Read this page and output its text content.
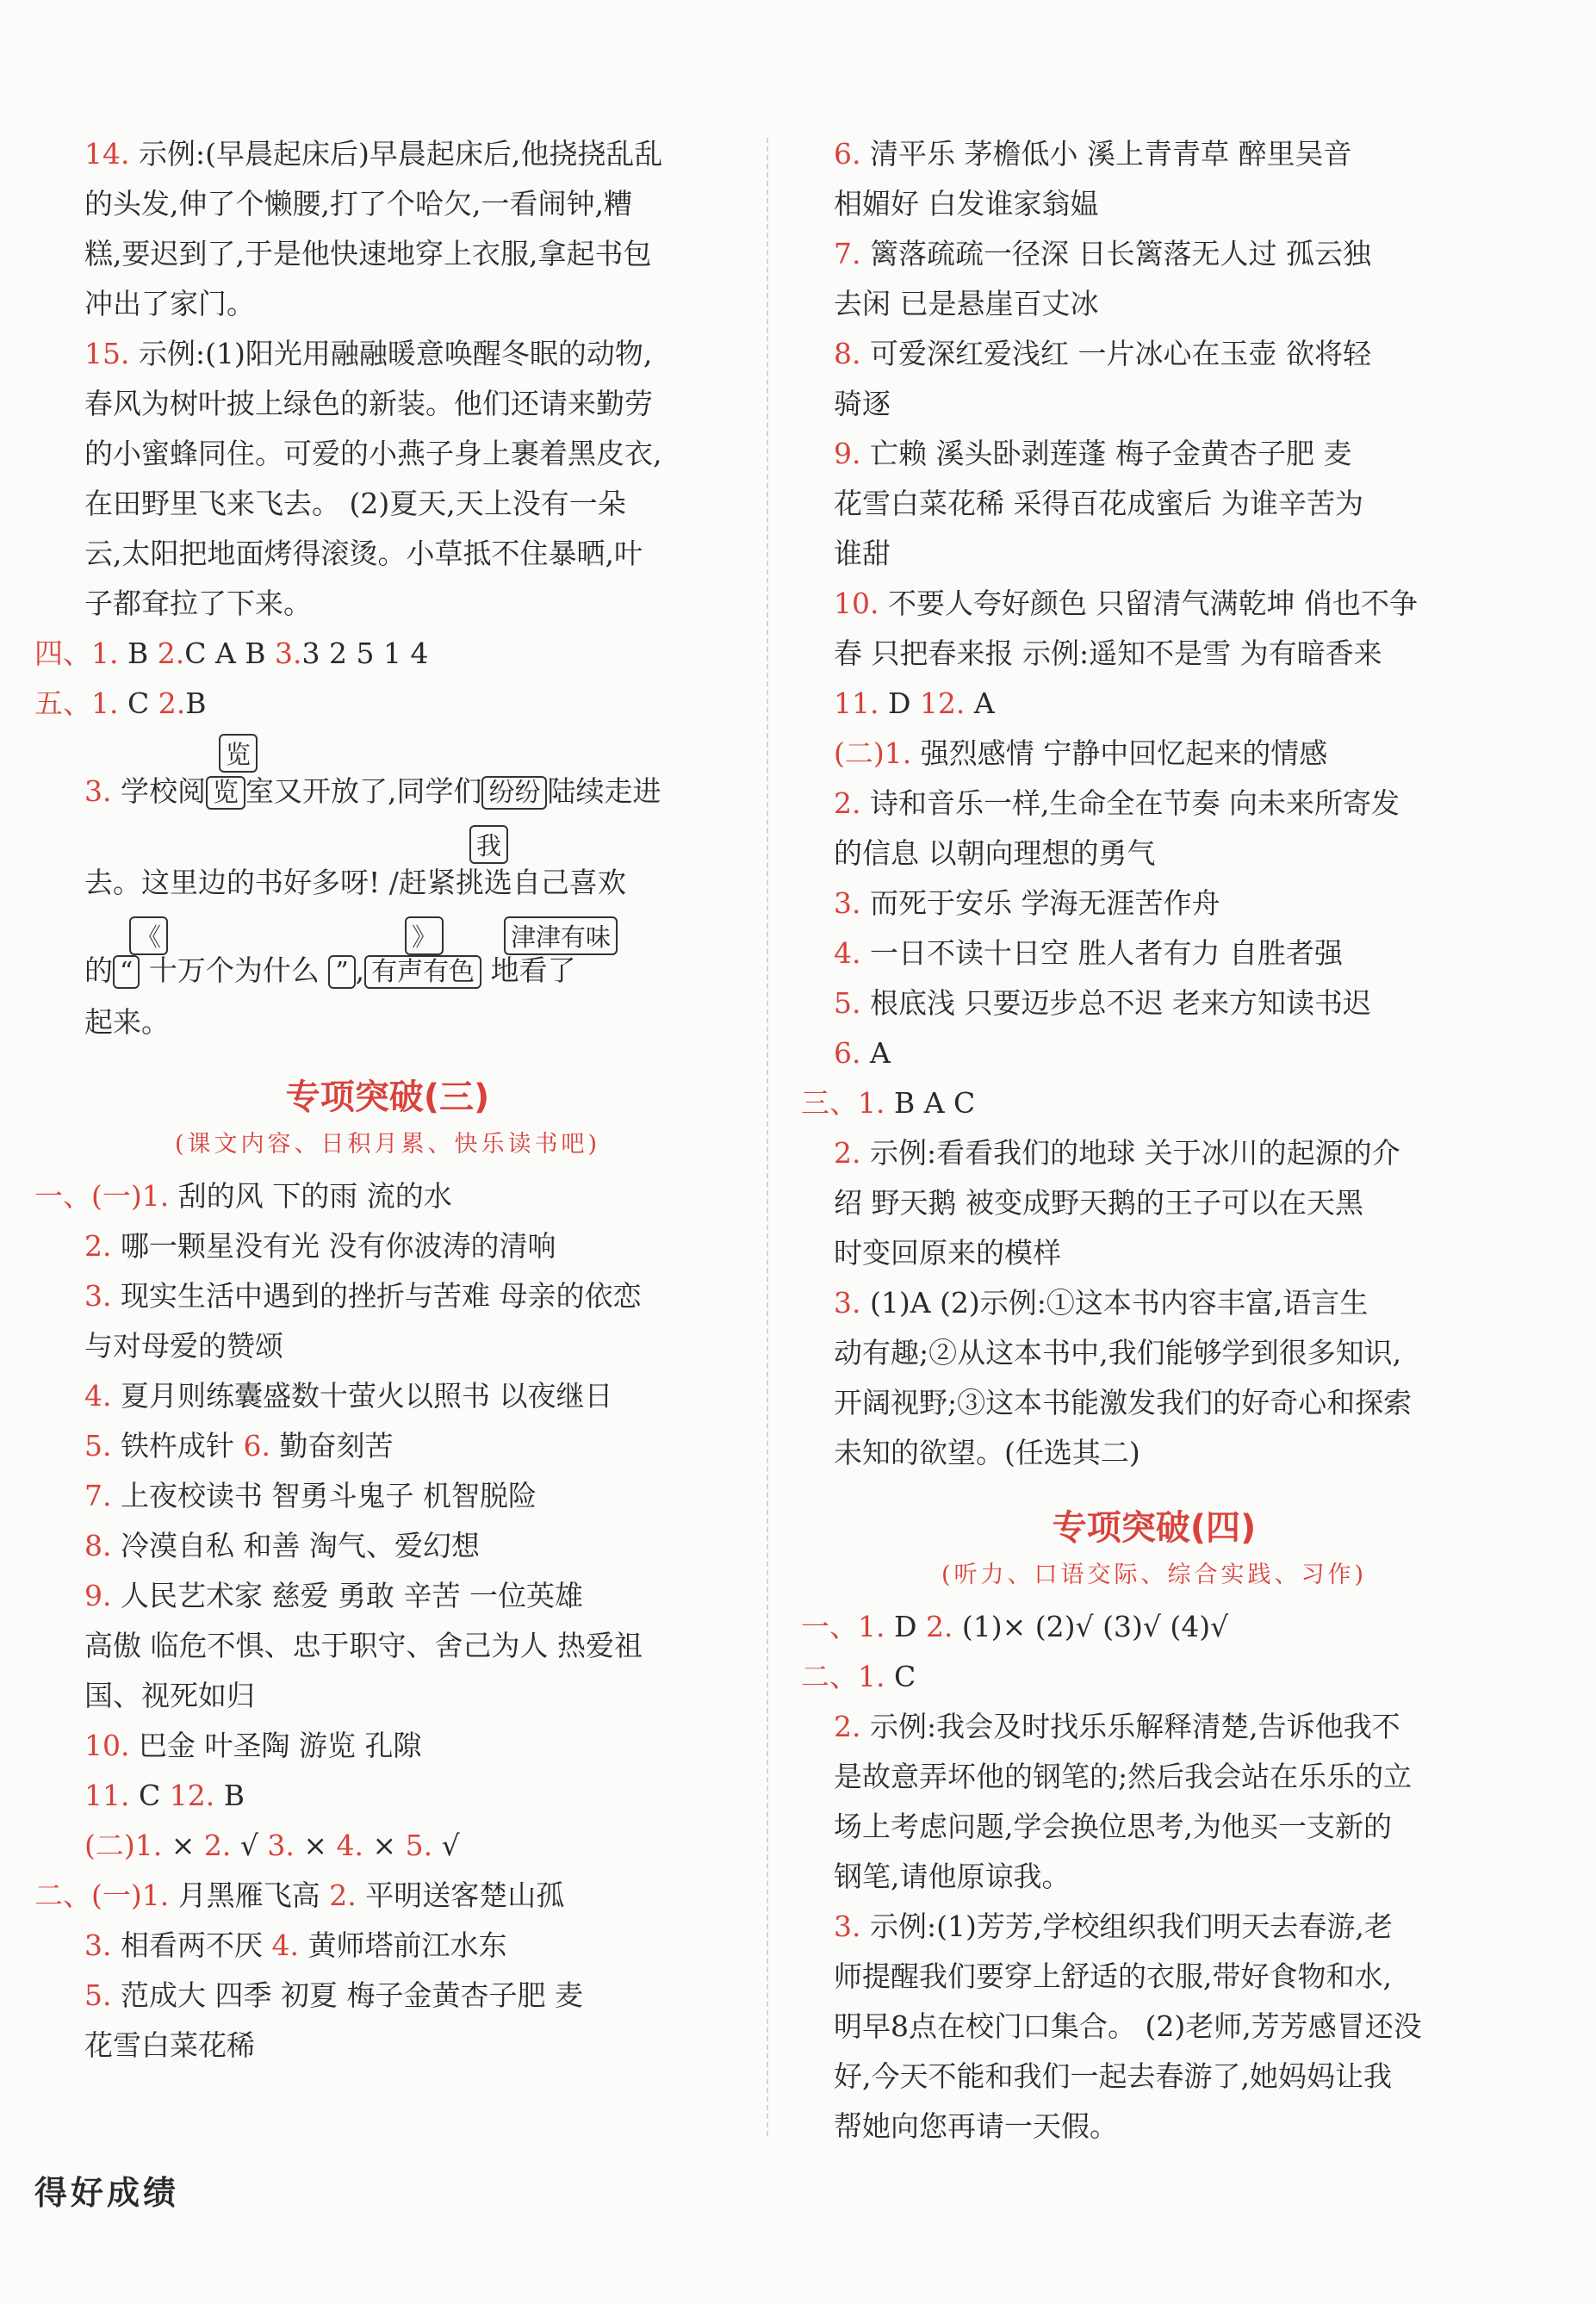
14. 示例:(早晨起床后)早晨起床后,他挠挠乱乱

的头发,伸了个懒腰,打了个哈欠,一看闹钟,糟

糕,要迟到了,于是他快速地穿上衣服,拿起书包

冲出了家门。

15. 示例:(1)阳光用融融暖意唤醒冬眠的动物,

春风为树叶披上绿色的新装。他们还请来勤劳

的小蜜蜂同住。可爱的小燕子身上裹着黑皮衣,

在田野里飞来飞去。 (2)夏天,天上没有一朵

云,太阳把地面烤得滚烫。小草抵不住暴晒,叶

子都耷拉了下来。

四、1. B 2.C A B 3.3 2 5 1 4

五、1. C 2.B

览
3. 学校阅 览 室又开放了,同学们 纷纷 陆续走进
我
去。这里边的书好多呀! ∕赶紧挑选自己喜欢
《	》	津津有味
的 “ 十万个为什么 ” , 有声有色 地看了

起来。

专项突破(三)
(课文内容、日积月累、快乐读书吧)

一、(一)1. 刮的风 下的雨 流的水

2. 哪一颗星没有光 没有你波涛的清响

3. 现实生活中遇到的挫折与苦难 母亲的依恋

与对母爱的赞颂

4. 夏月则练囊盛数十萤火以照书 以夜继日

5. 铁杵成针 6. 勤奋刻苦

7. 上夜校读书 智勇斗鬼子 机智脱险

8. 冷漠自私 和善 淘气、爱幻想

9. 人民艺术家 慈爱 勇敢 辛苦 一位英雄

高傲 临危不惧、忠于职守、舍己为人 热爱祖

国、视死如归

10. 巴金 叶圣陶 游览 孔隙

11. C 12. B

(二)1. × 2. √ 3. × 4. × 5. √

二、(一)1. 月黑雁飞高 2. 平明送客楚山孤

3. 相看两不厌 4. 黄师塔前江水东

5. 范成大 四季 初夏 梅子金黄杏子肥 麦

花雪白菜花稀

6. 清平乐 茅檐低小 溪上青青草 醉里吴音

相媚好 白发谁家翁媪

7. 篱落疏疏一径深 日长篱落无人过 孤云独

去闲 已是悬崖百丈冰

8. 可爱深红爱浅红 一片冰心在玉壶 欲将轻

骑逐

9. 亡赖 溪头卧剥莲蓬 梅子金黄杏子肥 麦

花雪白菜花稀 采得百花成蜜后 为谁辛苦为

谁甜

10. 不要人夸好颜色 只留清气满乾坤 俏也不争

春 只把春来报 示例:遥知不是雪 为有暗香来

11. D 12. A

(二)1. 强烈感情 宁静中回忆起来的情感

2. 诗和音乐一样,生命全在节奏 向未来所寄发

的信息 以朝向理想的勇气

3. 而死于安乐 学海无涯苦作舟

4. 一日不读十日空 胜人者有力 自胜者强

5. 根底浅 只要迈步总不迟 老来方知读书迟

6. A

三、1. B A C

2. 示例:看看我们的地球 关于冰川的起源的介

绍 野天鹅 被变成野天鹅的王子可以在天黑

时变回原来的模样

3. (1)A (2)示例:①这本书内容丰富,语言生

动有趣;②从这本书中,我们能够学到很多知识,

开阔视野;③这本书能激发我们的好奇心和探索

未知的欲望。(任选其二)

专项突破(四)
(听力、口语交际、综合实践、习作)

一、1. D 2. (1)× (2)√ (3)√ (4)√

二、1. C

2. 示例:我会及时找乐乐解释清楚,告诉他我不

是故意弄坏他的钢笔的;然后我会站在乐乐的立

场上考虑问题,学会换位思考,为他买一支新的

钢笔,请他原谅我。

3. 示例:(1)芳芳,学校组织我们明天去春游,老

师提醒我们要穿上舒适的衣服,带好食物和水,

明早8点在校门口集合。 (2)老师,芳芳感冒还没

好,今天不能和我们一起去春游了,她妈妈让我

帮她向您再请一天假。

得好成绩
